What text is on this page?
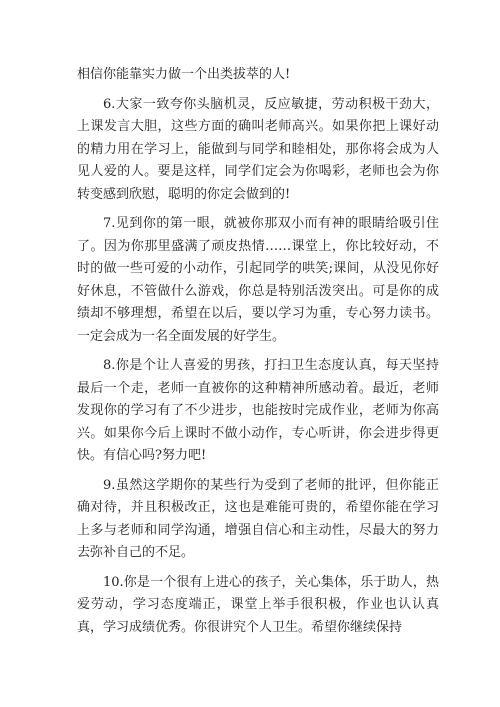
相信你能靠实力做一个出类拔萃的人!

6.大家一致夸你头脑机灵，反应敏捷，劳动积极干劲大，上课发言大胆，这些方面的确叫老师高兴。如果你把上课好动的精力用在学习上，能做到与同学和睦相处，那你将会成为人见人爱的人。要是这样，同学们定会为你喝彩，老师也会为你转变感到欣慰，聪明的你定会做到的!

7.见到你的第一眼，就被你那双小而有神的眼睛给吸引住了。因为你那里盛满了顽皮热情……课堂上，你比较好动，不时的做一些可爱的小动作，引起同学的哄笑;课间，从没见你好好休息，不管做什么游戏，你总是特别活泼突出。可是你的成绩却不够理想，希望在以后，要以学习为重，专心努力读书。一定会成为一名全面发展的好学生。

8.你是个让人喜爱的男孩，打扫卫生态度认真，每天坚持最后一个走，老师一直被你的这种精神所感动着。最近，老师发现你的学习有了不少进步，也能按时完成作业，老师为你高兴。如果你今后上课时不做小动作，专心听讲，你会进步得更快。有信心吗?努力吧!

9.虽然这学期你的某些行为受到了老师的批评，但你能正确对待，并且积极改正，这也是难能可贵的，希望你能在学习上多与老师和同学沟通，增强自信心和主动性，尽最大的努力去弥补自己的不足。

10.你是一个很有上进心的孩子，关心集体，乐于助人，热爱劳动，学习态度端正，课堂上举手很积极，作业也认认真真，学习成绩优秀。你很讲究个人卫生。希望你继续保持
